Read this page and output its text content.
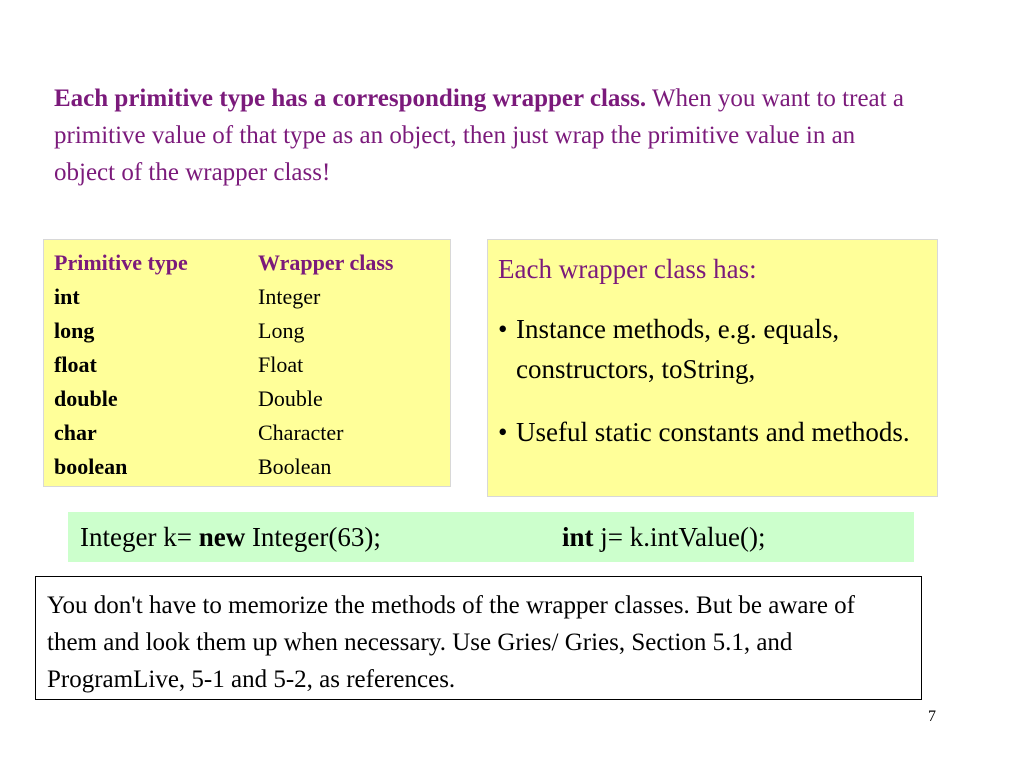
Each primitive type has a corresponding wrapper class. When you want to treat a primitive value of that type as an object, then just wrap the primitive value in an object of the wrapper class!
Primitive type	Wrapper class
int	Integer
long	Long
float	Float
double	Double
char	Character
boolean	Boolean
Each wrapper class has:
• Instance methods, e.g. equals, constructors, toString,
• Useful static constants and methods.
Integer k= new Integer(63);	int j= k.intValue();
You don't have to memorize the methods of the wrapper classes. But be aware of them and look them up when necessary. Use Gries/ Gries, Section 5.1, and ProgramLive, 5-1 and 5-2, as references.
7
